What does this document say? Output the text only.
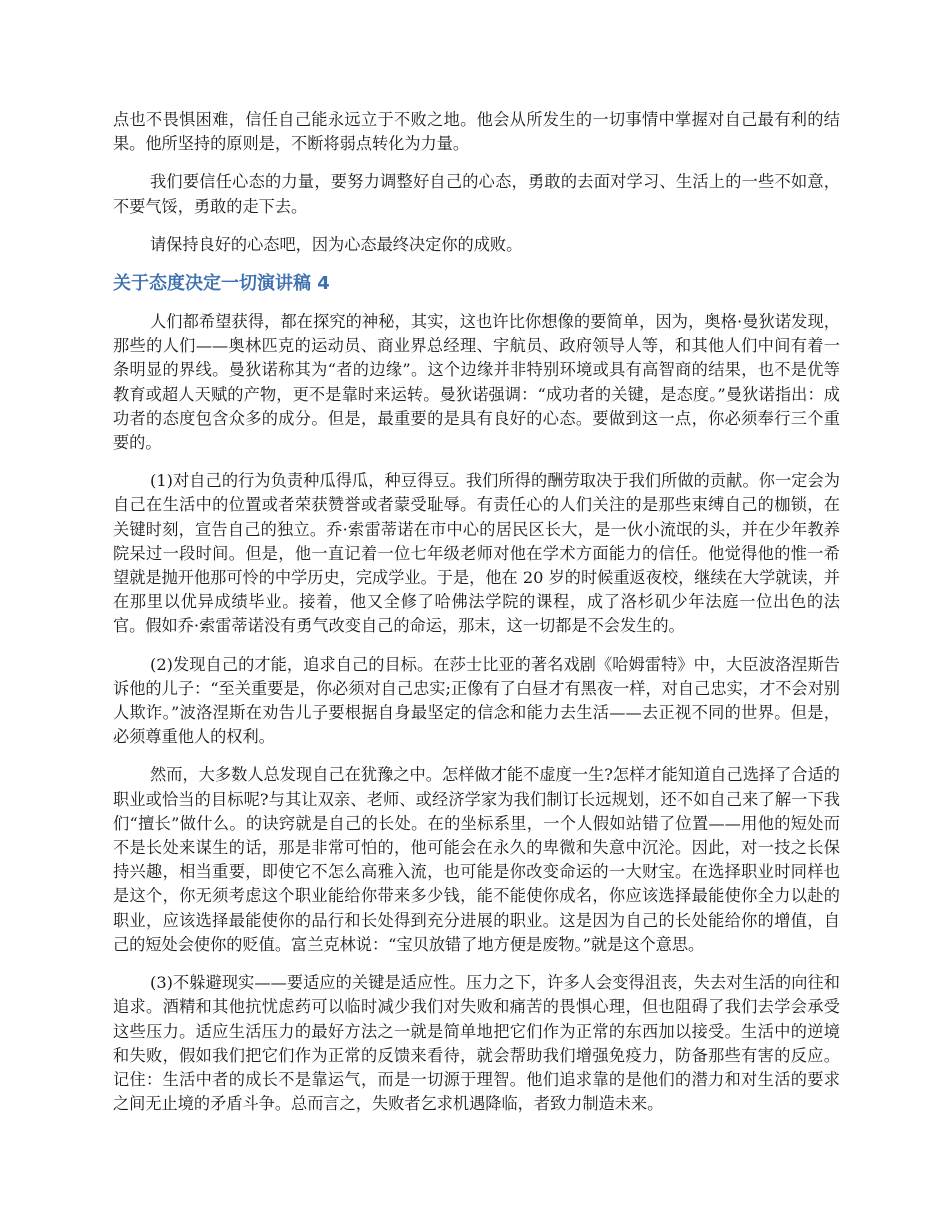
点也不畏惧困难，信任自己能永远立于不败之地。他会从所发生的一切事情中掌握对自己最有利的结果。他所坚持的原则是，不断将弱点转化为力量。

我们要信任心态的力量，要努力调整好自己的心态，勇敢的去面对学习、生活上的一些不如意，不要气馁，勇敢的走下去。

请保持良好的心态吧，因为心态最终决定你的成败。

关于态度决定一切演讲稿 4

人们都希望获得，都在探究的神秘，其实，这也许比你想像的要简单，因为，奥格·曼狄诺发现，那些的人们——奥林匹克的运动员、商业界总经理、宇航员、政府领导人等，和其他人们中间有着一条明显的界线。曼狄诺称其为“者的边缘”。这个边缘并非特别环境或具有高智商的结果，也不是优等教育或超人天赋的产物，更不是靠时来运转。曼狄诺强调：“成功者的关键，是态度。”曼狄诺指出：成功者的态度包含众多的成分。但是，最重要的是具有良好的心态。要做到这一点，你必须奉行三个重要的。

(1)对自己的行为负责种瓜得瓜，种豆得豆。我们所得的酬劳取决于我们所做的贡献。你一定会为自己在生活中的位置或者荣获赞誉或者蒙受耻辱。有责任心的人们关注的是那些束缚自己的枷锁，在关键时刻，宣告自己的独立。乔·索雷蒂诺在市中心的居民区长大，是一伙小流氓的头，并在少年教养院呆过一段时间。但是，他一直记着一位七年级老师对他在学术方面能力的信任。他觉得他的惟一希望就是抛开他那可怜的中学历史，完成学业。于是，他在 20 岁的时候重返夜校，继续在大学就读，并在那里以优异成绩毕业。接着，他又全修了哈佛法学院的课程，成了洛杉矶少年法庭一位出色的法官。假如乔·索雷蒂诺没有勇气改变自己的命运，那末，这一切都是不会发生的。

(2)发现自己的才能，追求自己的目标。在莎士比亚的著名戏剧《哈姆雷特》中，大臣波洛涅斯告诉他的儿子：“至关重要是，你必须对自己忠实;正像有了白昼才有黑夜一样，对自己忠实，才不会对别人欺诈。”波洛涅斯在劝告儿子要根据自身最坚定的信念和能力去生活——去正视不同的世界。但是，必须尊重他人的权利。

然而，大多数人总发现自己在犹豫之中。怎样做才能不虚度一生?怎样才能知道自己选择了合适的职业或恰当的目标呢?与其让双亲、老师、或经济学家为我们制订长远规划，还不如自己来了解一下我们“擅长”做什么。的诀窍就是自己的长处。在的坐标系里，一个人假如站错了位置——用他的短处而不是长处来谋生的话，那是非常可怕的，他可能会在永久的卑微和失意中沉沦。因此，对一技之长保持兴趣，相当重要，即使它不怎么高雅入流，也可能是你改变命运的一大财宝。在选择职业时同样也是这个，你无须考虑这个职业能给你带来多少钱，能不能使你成名，你应该选择最能使你全力以赴的职业，应该选择最能使你的品行和长处得到充分进展的职业。这是因为自己的长处能给你的增值，自己的短处会使你的贬值。富兰克林说：“宝贝放错了地方便是废物。”就是这个意思。

(3)不躲避现实——要适应的关键是适应性。压力之下，许多人会变得沮丧，失去对生活的向往和追求。酒精和其他抗忧虑药可以临时减少我们对失败和痛苦的畏惧心理，但也阻碍了我们去学会承受这些压力。适应生活压力的最好方法之一就是简单地把它们作为正常的东西加以接受。生活中的逆境和失败，假如我们把它们作为正常的反馈来看待，就会帮助我们增强免疫力，防备那些有害的反应。记住：生活中者的成长不是靠运气，而是一切源于理智。他们追求靠的是他们的潜力和对生活的要求之间无止境的矛盾斗争。总而言之，失败者乞求机遇降临，者致力制造未来。
